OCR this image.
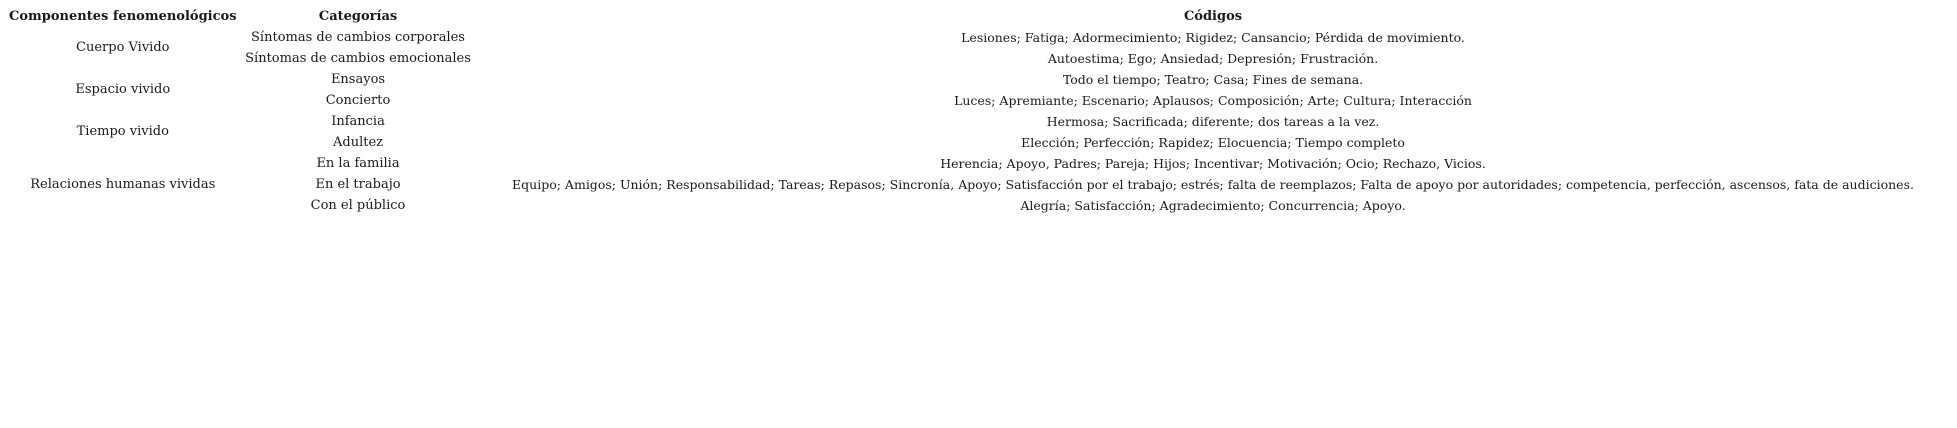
Componentes fenomenológicos	Categorías	Códigos
Cuerpo Vivido	Síntomas de cambios corporales	Lesiones; Fatiga; Adormecimiento; Rigidez; Cansancio; Pérdida de movimiento.
	Síntomas de cambios emocionales	Autoestima; Ego; Ansiedad; Depresión; Frustración.
Espacio vivido	Ensayos	Todo el tiempo; Teatro; Casa; Fines de semana.
	Concierto	Luces; Apremiante; Escenario; Aplausos; Composición; Arte; Cultura; Interacción
Tiempo vivido	Infancia	Hermosa; Sacrificada; diferente; dos tareas a la vez.
	Adultez	Elección; Perfección; Rapidez; Elocuencia; Tiempo completo
Relaciones humanas vividas	En la familia	Herencia; Apoyo, Padres; Pareja; Hijos; Incentivar; Motivación; Ocio; Rechazo, Vicios.
	En el trabajo	Equipo; Amigos; Unión; Responsabilidad; Tareas; Repasos; Sincronía, Apoyo; Satisfacción por el trabajo; estrés; falta de reemplazos; Falta de apoyo por autoridades; competencia, perfección, ascensos, fata de audiciones.
	Con el público	Alegría; Satisfacción; Agradecimiento; Concurrencia; Apoyo.
